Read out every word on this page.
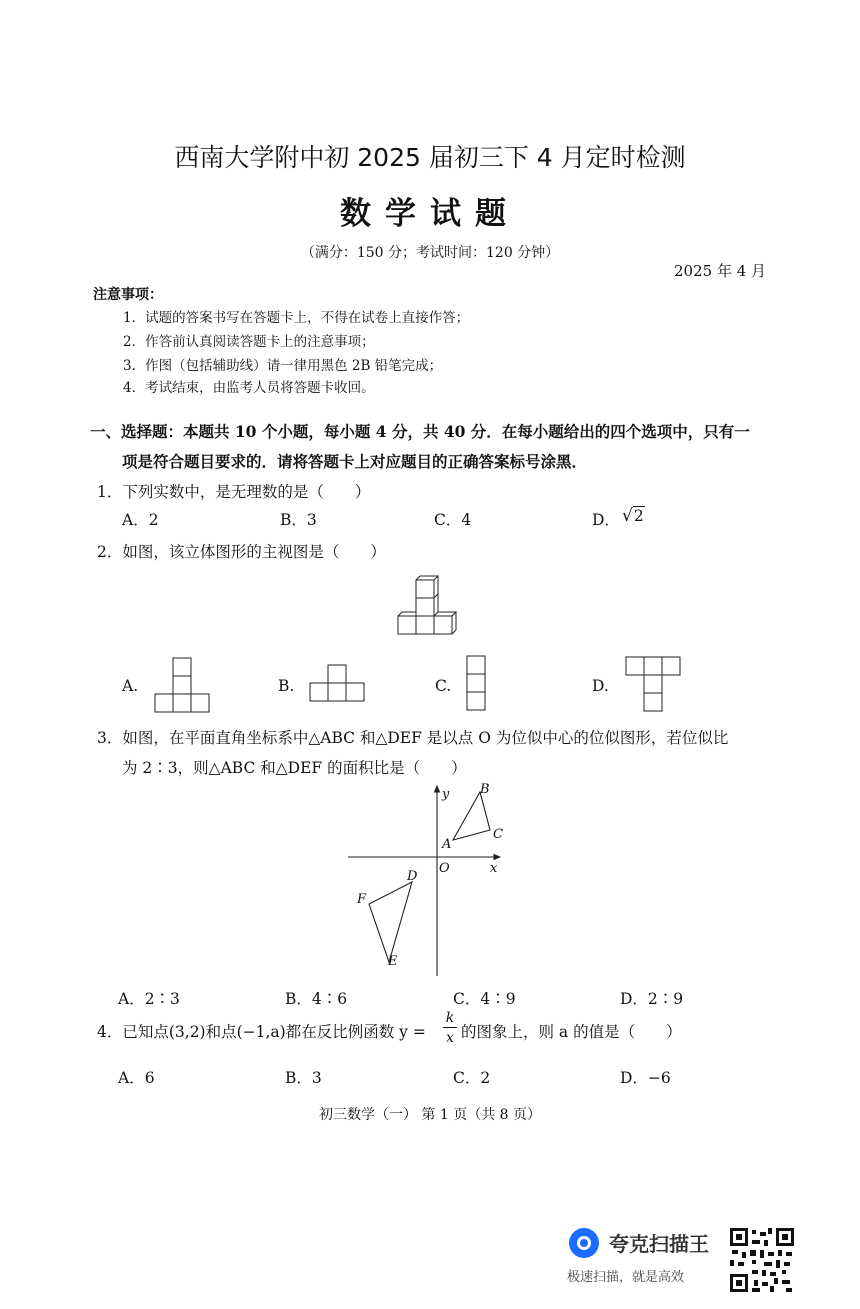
西南大学附中初 2025 届初三下 4 月定时检测
数学试题
（满分：150 分；考试时间：120 分钟）
2025 年 4 月
注意事项：
1．试题的答案书写在答题卡上，不得在试卷上直接作答；
2．作答前认真阅读答题卡上的注意事项；
3．作图（包括辅助线）请一律用黑色 2B 铅笔完成；
4．考试结束，由监考人员将答题卡收回。
一、选择题：本题共 10 个小题，每小题 4 分，共 40 分．在每小题给出的四个选项中，只有一
项是符合题目要求的．请将答题卡上对应题目的正确答案标号涂黑．
1．下列实数中，是无理数的是（　　）
A．2	B．3	C．4	D． √2
2．如图，该立体图形的主视图是（　　）
A.	B.	C.	D.
3．如图，在平面直角坐标系中△ABC 和△DEF 是以点 O 为位似中心的位似图形，若位似比
为 2∶3，则△ABC 和△DEF 的面积比是（　　）
y
x
O
A
B
C
D
E
F
A．2∶3	B．4∶6	C．4∶9	D．2∶9
4．已知点(3,2)和点(−1,a)都在反比例函数 y =
k
x 的图象上，则 a 的值是（　　）
A．6	B．3	C．2	D．−6
初三数学（一） 第 1 页（共 8 页）
夸克扫描王
极速扫描，就是高效
